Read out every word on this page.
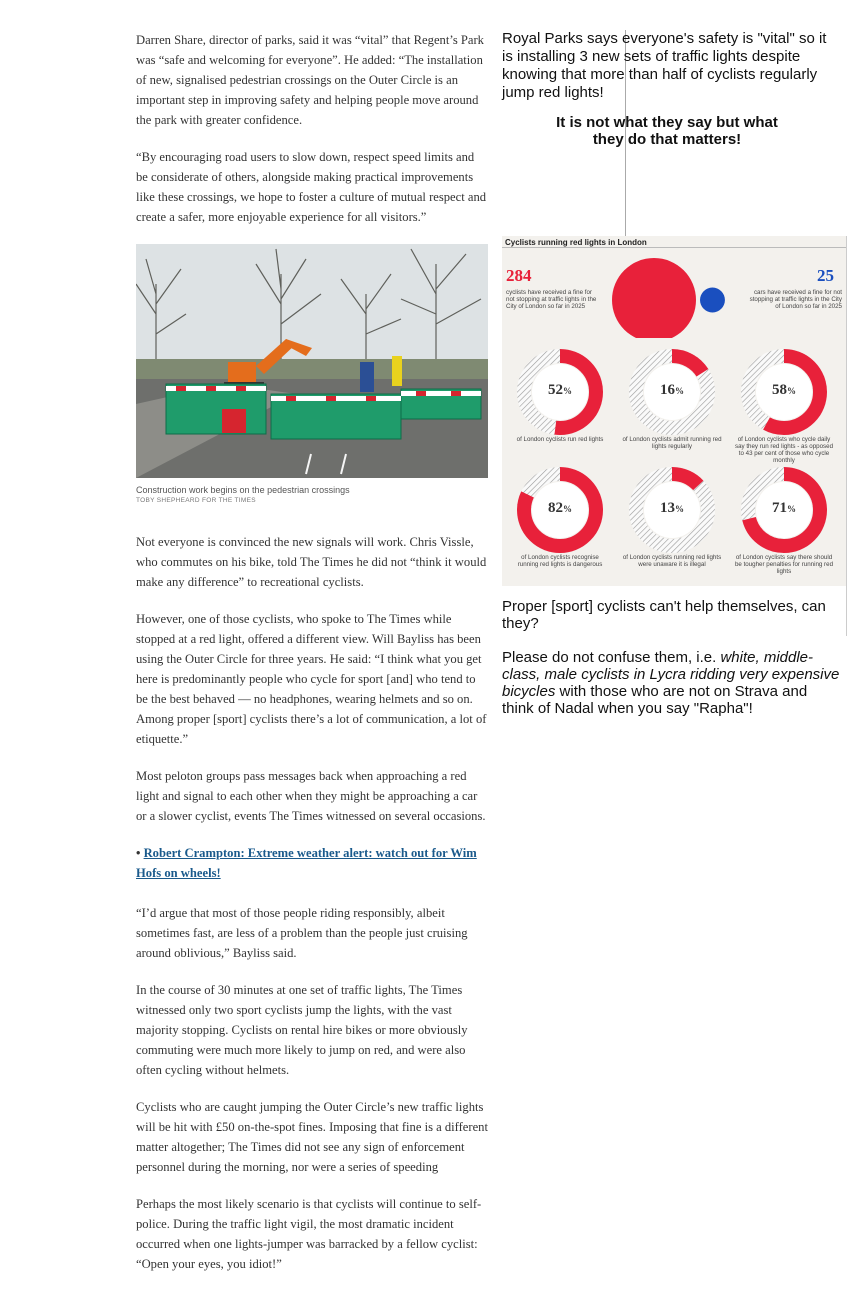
Darren Share, director of parks, said it was “vital” that Regent’s Park was “safe and welcoming for everyone”. He added: “The installation of new, signalised pedestrian crossings on the Outer Circle is an important step in improving safety and helping people move around the park with greater confidence.

“By encouraging road users to slow down, respect speed limits and be considerate of others, alongside making practical improvements like these crossings, we hope to foster a culture of mutual respect and create a safer, more enjoyable experience for all visitors.”

Construction work begins on the pedestrian crossings
TOBY SHEPHEARD FOR THE TIMES

Not everyone is convinced the new signals will work. Chris Vissle, who commutes on his bike, told The Times he did not “think it would make any difference” to recreational cyclists.

However, one of those cyclists, who spoke to The Times while stopped at a red light, offered a different view. Will Bayliss has been using the Outer Circle for three years. He said: “I think what you get here is predominantly people who cycle for sport [and] who tend to be the best behaved — no headphones, wearing helmets and so on. Among proper [sport] cyclists there’s a lot of communication, a lot of etiquette.”

Most peloton groups pass messages back when approaching a red light and signal to each other when they might be approaching a car or a slower cyclist, events The Times witnessed on several occasions.

• Robert Crampton: Extreme weather alert: watch out for Wim Hofs on wheels!

“I’d argue that most of those people riding responsibly, albeit sometimes fast, are less of a problem than the people just cruising around oblivious,” Bayliss said.

In the course of 30 minutes at one set of traffic lights, The Times witnessed only two sport cyclists jump the lights, with the vast majority stopping. Cyclists on rental hire bikes or more obviously commuting were much more likely to jump on red, and were also often cycling without helmets.

Cyclists who are caught jumping the Outer Circle’s new traffic lights will be hit with £50 on-the-spot fines. Imposing that fine is a different matter altogether; The Times did not see any sign of enforcement personnel during the morning, nor were a series of speeding

Perhaps the most likely scenario is that cyclists will continue to self-police. During the traffic light vigil, the most dramatic incident occurred when one lights-jumper was barracked by a fellow cyclist: “Open your eyes, you idiot!”

Royal Parks says everyone's safety is "vital" so it is installing 3 new sets of traffic lights despite knowing that more than half of cyclists regularly jump red lights!

It is not what they say but what they do that matters!
Cyclists running red lights in London
284
cyclists have received a fine for not stopping at traffic lights in the City of London so far in 2025
25
cars have received a fine for not stopping at traffic lights in the City of London so far in 2025
52%
of London cyclists run red lights
16%
of London cyclists admit running red lights regularly
58%
of London cyclists who cycle daily say they run red lights - as opposed to 43 per cent of those who cycle monthly
82%
of London cyclists recognise running red lights is dangerous
13%
of London cyclists running red lights were unaware it is illegal
71%
of London cyclists say there should be tougher penalties for running red lights

Proper [sport] cyclists can't help themselves, can they?

Please do not confuse them, i.e. white, middle-class, male cyclists in Lycra ridding very expensive bicycles with those who are not on Strava and think of Nadal when you say "Rapha"!
